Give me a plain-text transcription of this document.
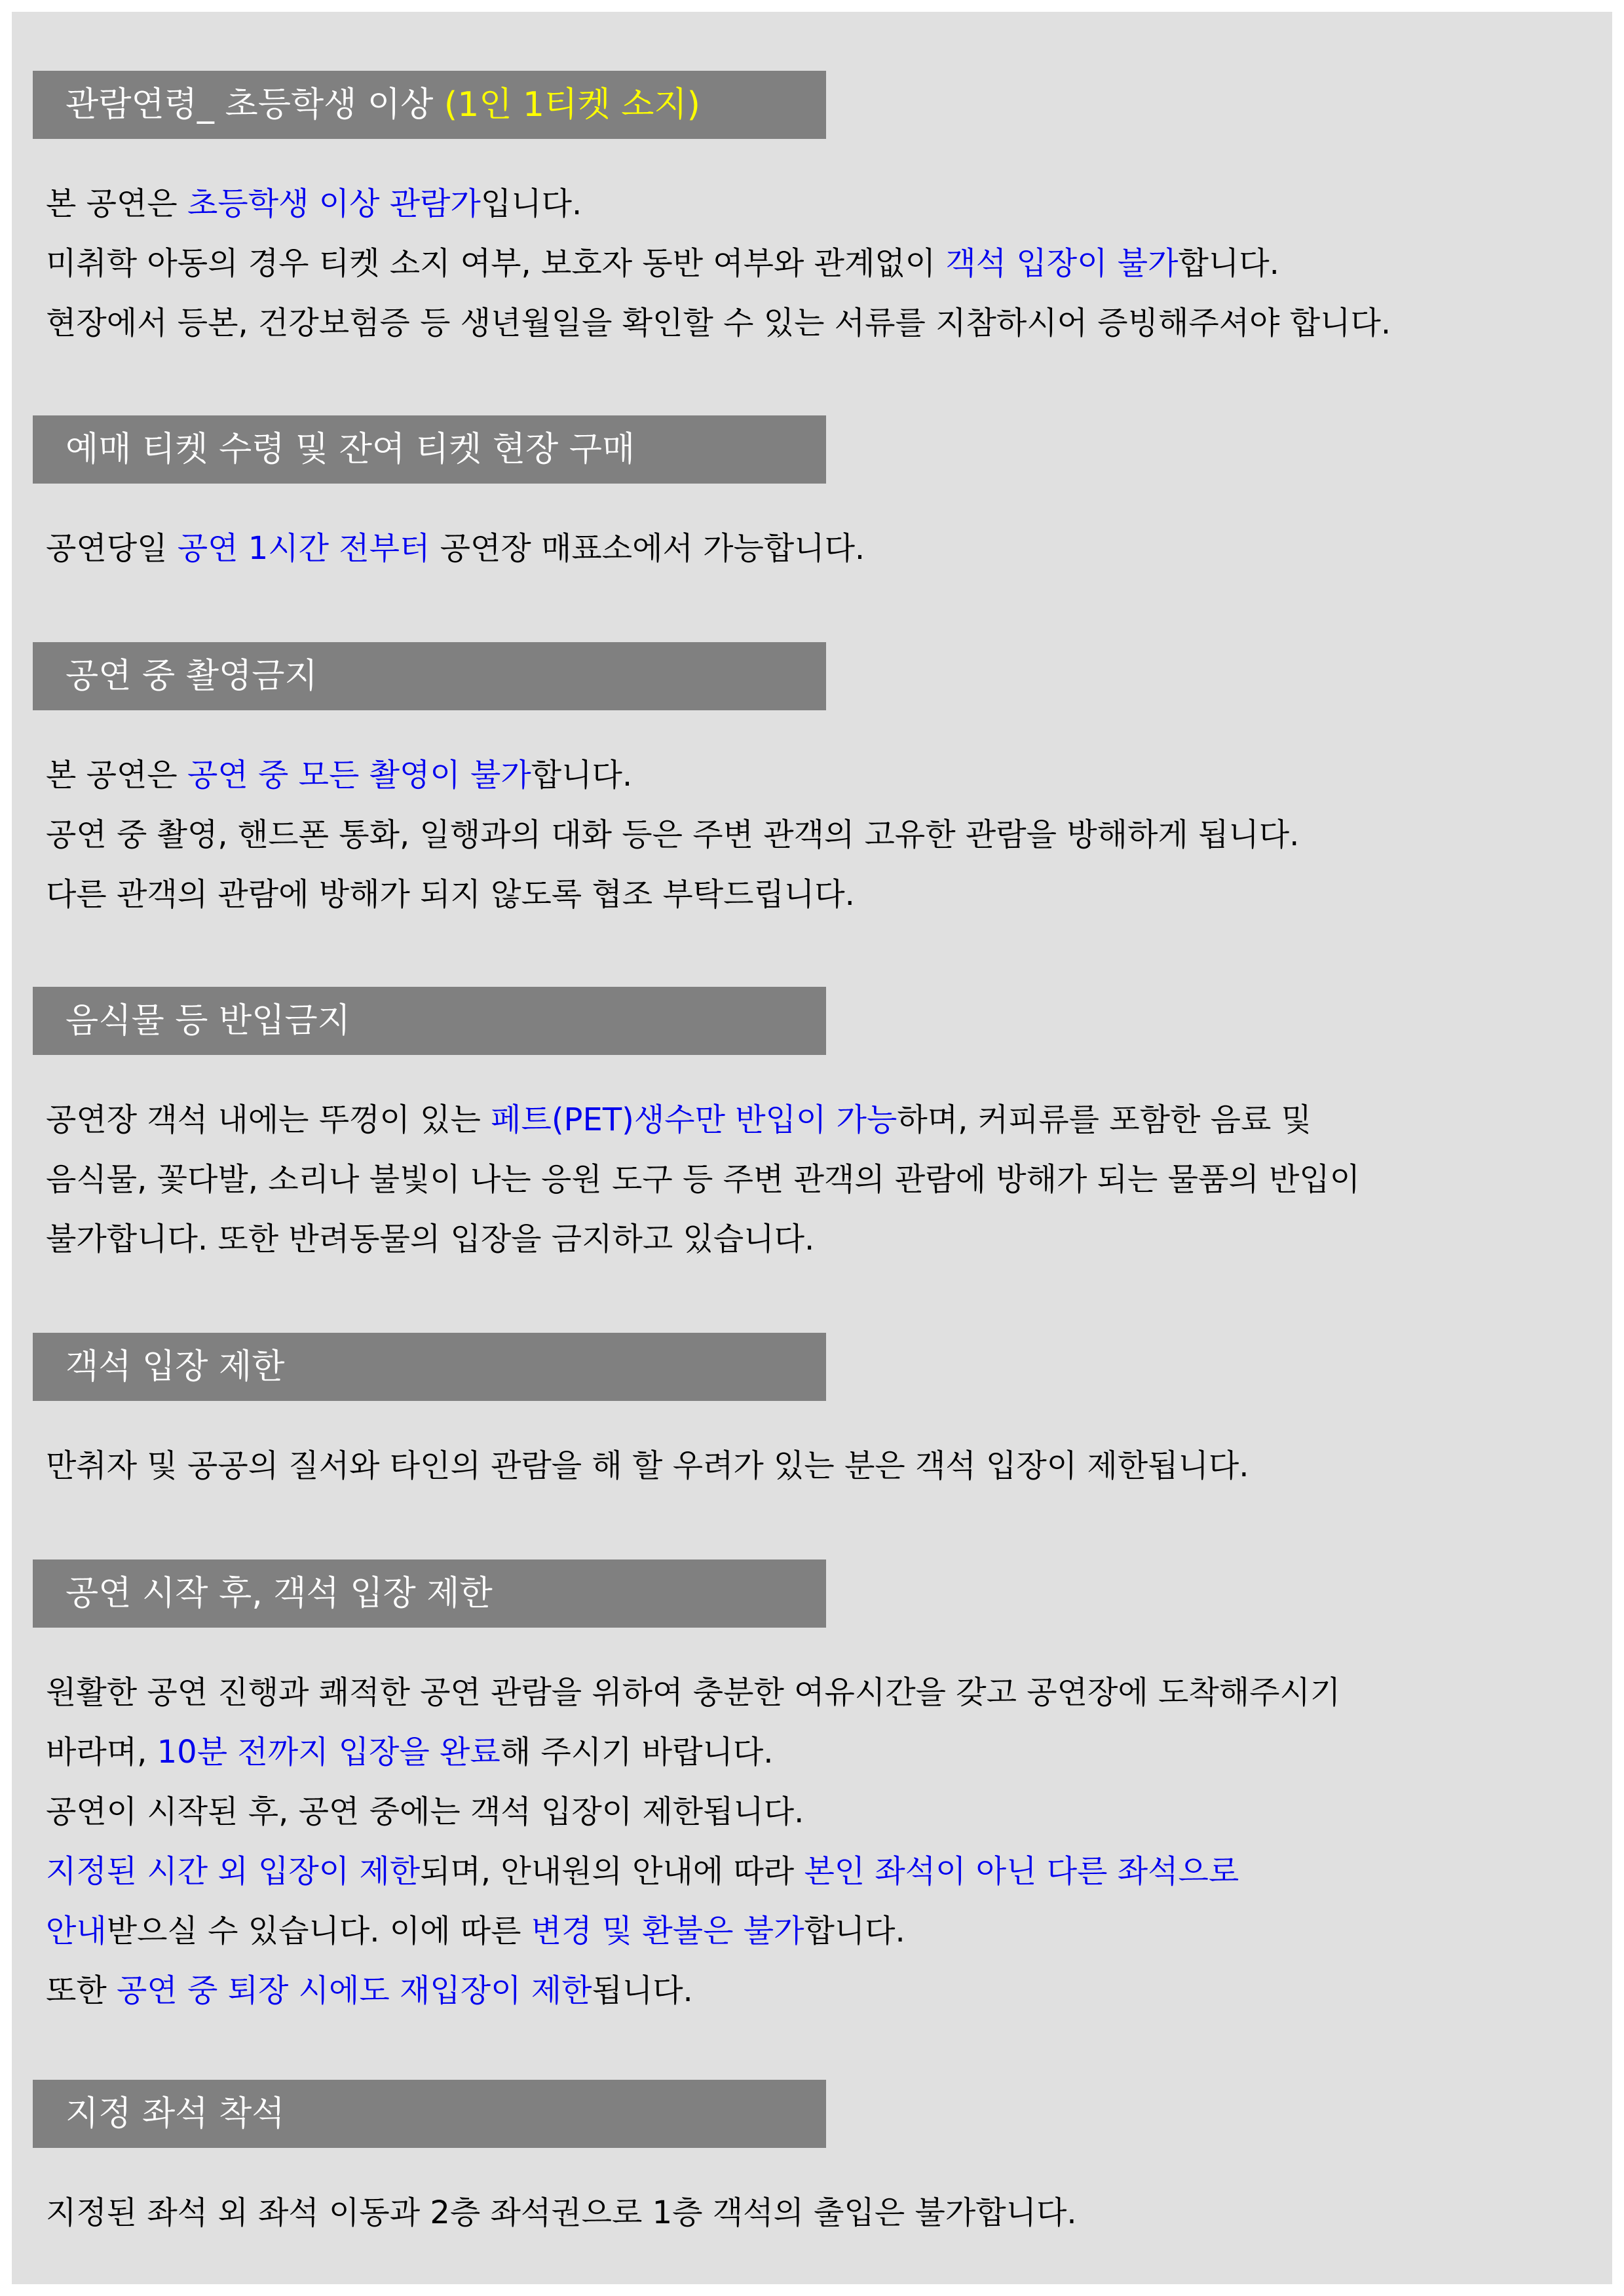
관람연령_ 초등학생 이상 (1인 1티켓 소지)
본 공연은 초등학생 이상 관람가입니다.
미취학 아동의 경우 티켓 소지 여부, 보호자 동반 여부와 관계없이 객석 입장이 불가합니다.
현장에서 등본, 건강보험증 등 생년월일을 확인할 수 있는 서류를 지참하시어 증빙해주셔야 합니다.
예매 티켓 수령 및 잔여 티켓 현장 구매
공연당일 공연 1시간 전부터 공연장 매표소에서 가능합니다.
공연 중 촬영금지
본 공연은 공연 중 모든 촬영이 불가합니다.
공연 중 촬영, 핸드폰 통화, 일행과의 대화 등은 주변 관객의 고유한 관람을 방해하게 됩니다.
다른 관객의 관람에 방해가 되지 않도록 협조 부탁드립니다.
음식물 등 반입금지
공연장 객석 내에는 뚜껑이 있는 페트(PET)생수만 반입이 가능하며, 커피류를 포함한 음료 및
음식물, 꽃다발, 소리나 불빛이 나는 응원 도구 등 주변 관객의 관람에 방해가 되는 물품의 반입이
불가합니다. 또한 반려동물의 입장을 금지하고 있습니다.
객석 입장 제한
만취자 및 공공의 질서와 타인의 관람을 해 할 우려가 있는 분은 객석 입장이 제한됩니다.
공연 시작 후, 객석 입장 제한
원활한 공연 진행과 쾌적한 공연 관람을 위하여 충분한 여유시간을 갖고 공연장에 도착해주시기
바라며, 10분 전까지 입장을 완료해 주시기 바랍니다.
공연이 시작된 후, 공연 중에는 객석 입장이 제한됩니다.
지정된 시간 외 입장이 제한되며, 안내원의 안내에 따라 본인 좌석이 아닌 다른 좌석으로
안내받으실 수 있습니다. 이에 따른 변경 및 환불은 불가합니다.
또한 공연 중 퇴장 시에도 재입장이 제한됩니다.
지정 좌석 착석
지정된 좌석 외 좌석 이동과 2층 좌석권으로 1층 객석의 출입은 불가합니다.
